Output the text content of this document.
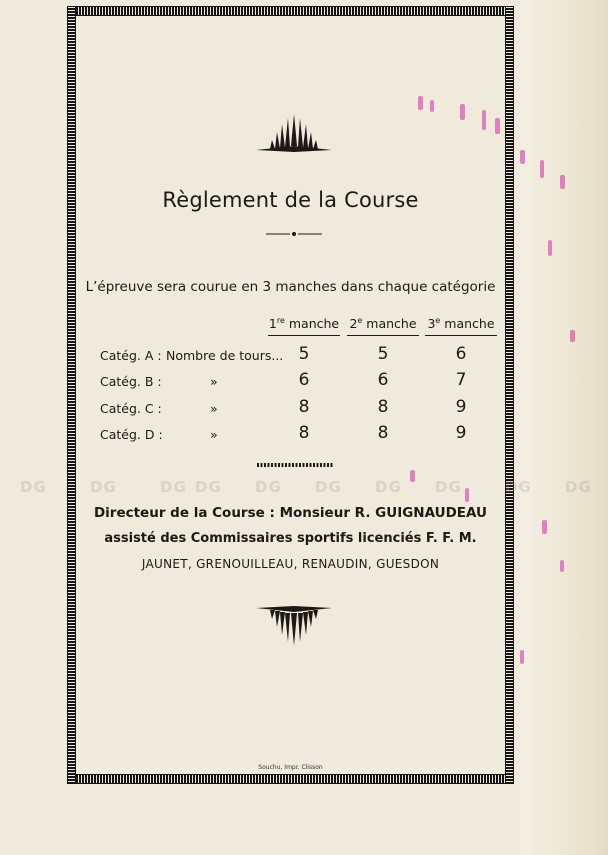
Règlement de la Course
L’épreuve sera courue en 3 manches dans chaque catégorie
1re manche 2e manche 3e manche
Catég. A : Nombre de tours... 5	5	6
Catég. B :	»	6	6	7
Catég. C :	»	8	8	9
Catég. D :	»	8	8	9
DG	DG	DG DG DG DG DG DG	DG DG
Directeur de la Course : Monsieur R. GUIGNAUDEAU
assisté des Commissaires sportifs licenciés F. F. M.
JAUNET, GRENOUILLEAU, RENAUDIN, GUESDON
Souchu, Impr. Clisson
